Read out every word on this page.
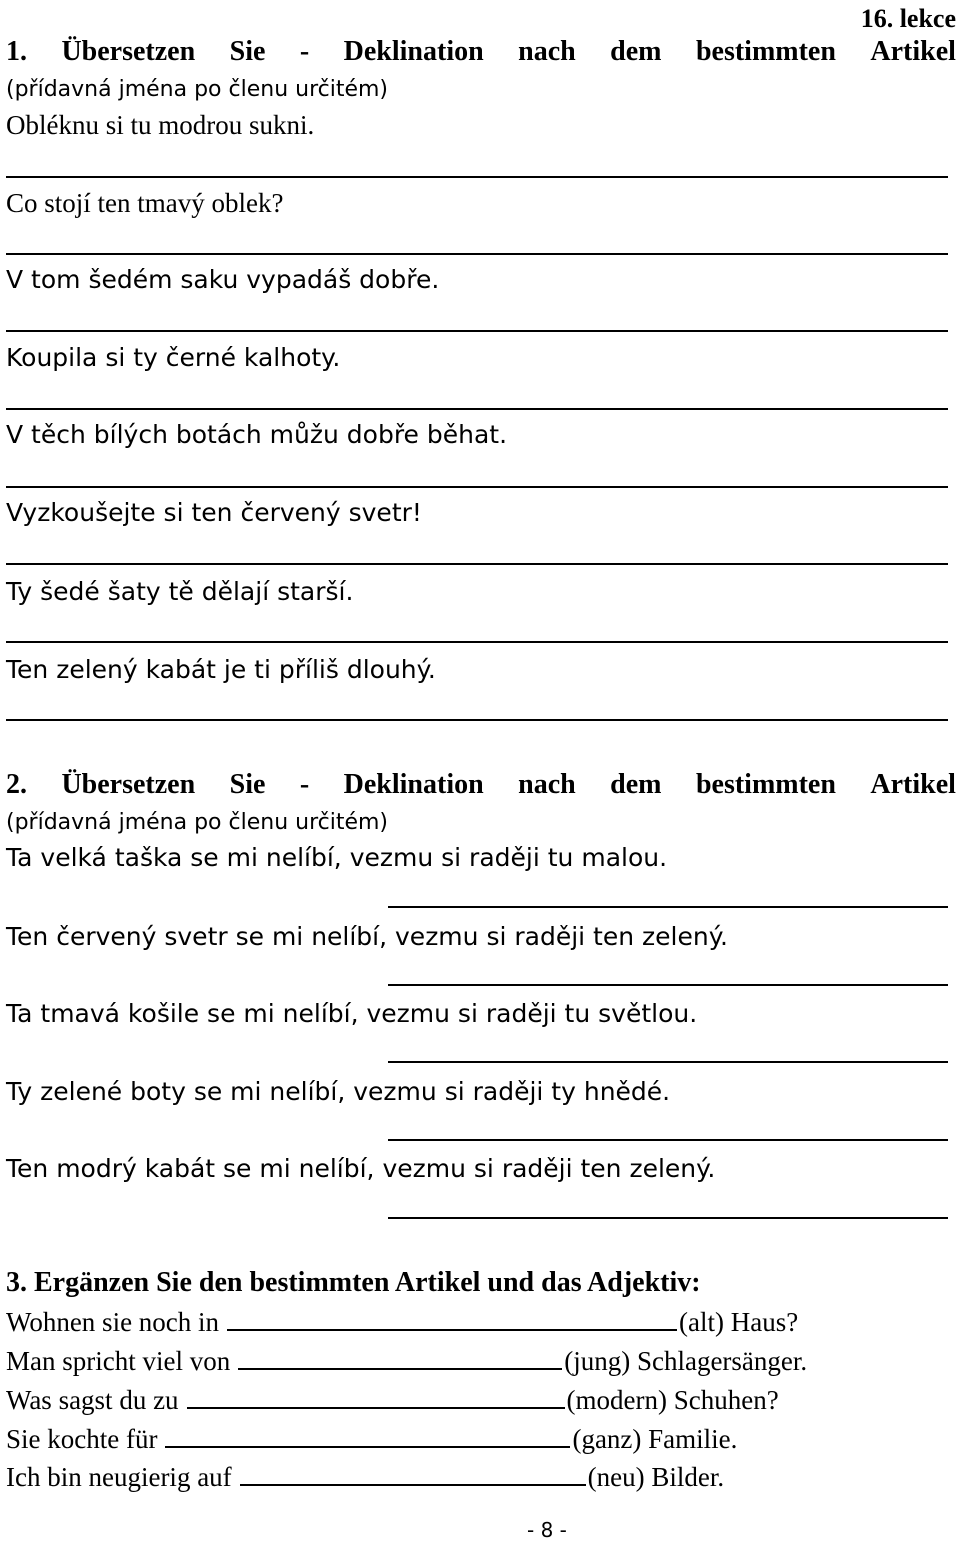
16. lekce
1. Übersetzen Sie - Deklination nach dem bestimmten Artikel
(přídavná jména po členu určitém)
Obléknu si tu modrou sukni.
Co stojí ten tmavý oblek?
V tom šedém saku vypadáš dobře.
Koupila si ty černé kalhoty.
V těch bílých botách můžu dobře běhat.
Vyzkoušejte si ten červený svetr!
Ty šedé šaty tě dělají starší.
Ten zelený kabát je ti příliš dlouhý.
2. Übersetzen Sie - Deklination nach dem bestimmten Artikel
(přídavná jména po členu určitém)
Ta velká taška se mi nelíbí, vezmu si raději tu malou.
Ten červený svetr se mi nelíbí, vezmu si raději ten zelený.
Ta tmavá košile se mi nelíbí, vezmu si raději tu světlou.
Ty zelené boty se mi nelíbí, vezmu si raději ty hnědé.
Ten modrý kabát se mi nelíbí, vezmu si raději ten zelený.
3. Ergänzen Sie den bestimmten Artikel und das Adjektiv:
Wohnen sie noch in	(alt) Haus?
Man spricht viel von	(jung) Schlagersänger.
Was sagst du zu	(modern) Schuhen?
Sie kochte für	(ganz) Familie.
Ich bin neugierig auf	(neu) Bilder.
- 8 -
